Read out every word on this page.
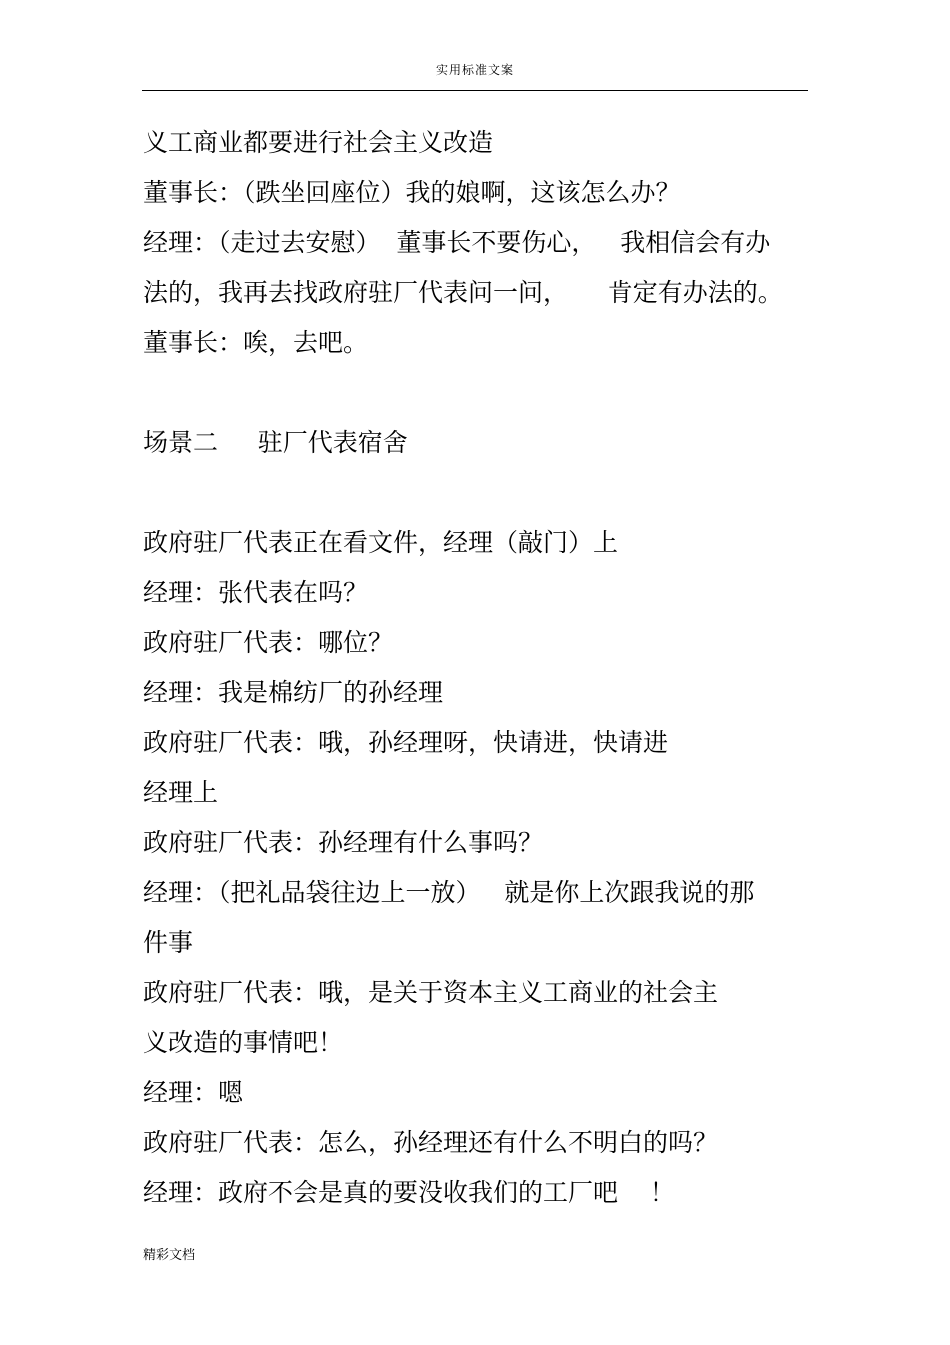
实用标准文案
义工商业都要进行社会主义改造
董事长：（跌坐回座位）我的娘啊，这该怎么办？
经理：（走过去安慰）  董事长不要伤心，   我相信会有办
法的，我再去找政府驻厂代表问一问，     肯定有办法的。
董事长：唉，去吧。
场景二     驻厂代表宿舍
政府驻厂代表正在看文件，经理（敲门）上
经理：张代表在吗？
政府驻厂代表：哪位？
经理：我是棉纺厂的孙经理
政府驻厂代表：哦，孙经理呀，快请进，快请进
经理上
政府驻厂代表：孙经理有什么事吗？
经理：（把礼品袋往边上一放）   就是你上次跟我说的那
件事
政府驻厂代表：哦，是关于资本主义工商业的社会主
义改造的事情吧！
经理：嗯
政府驻厂代表：怎么，孙经理还有什么不明白的吗？
经理：政府不会是真的要没收我们的工厂吧    ！
精彩文档
